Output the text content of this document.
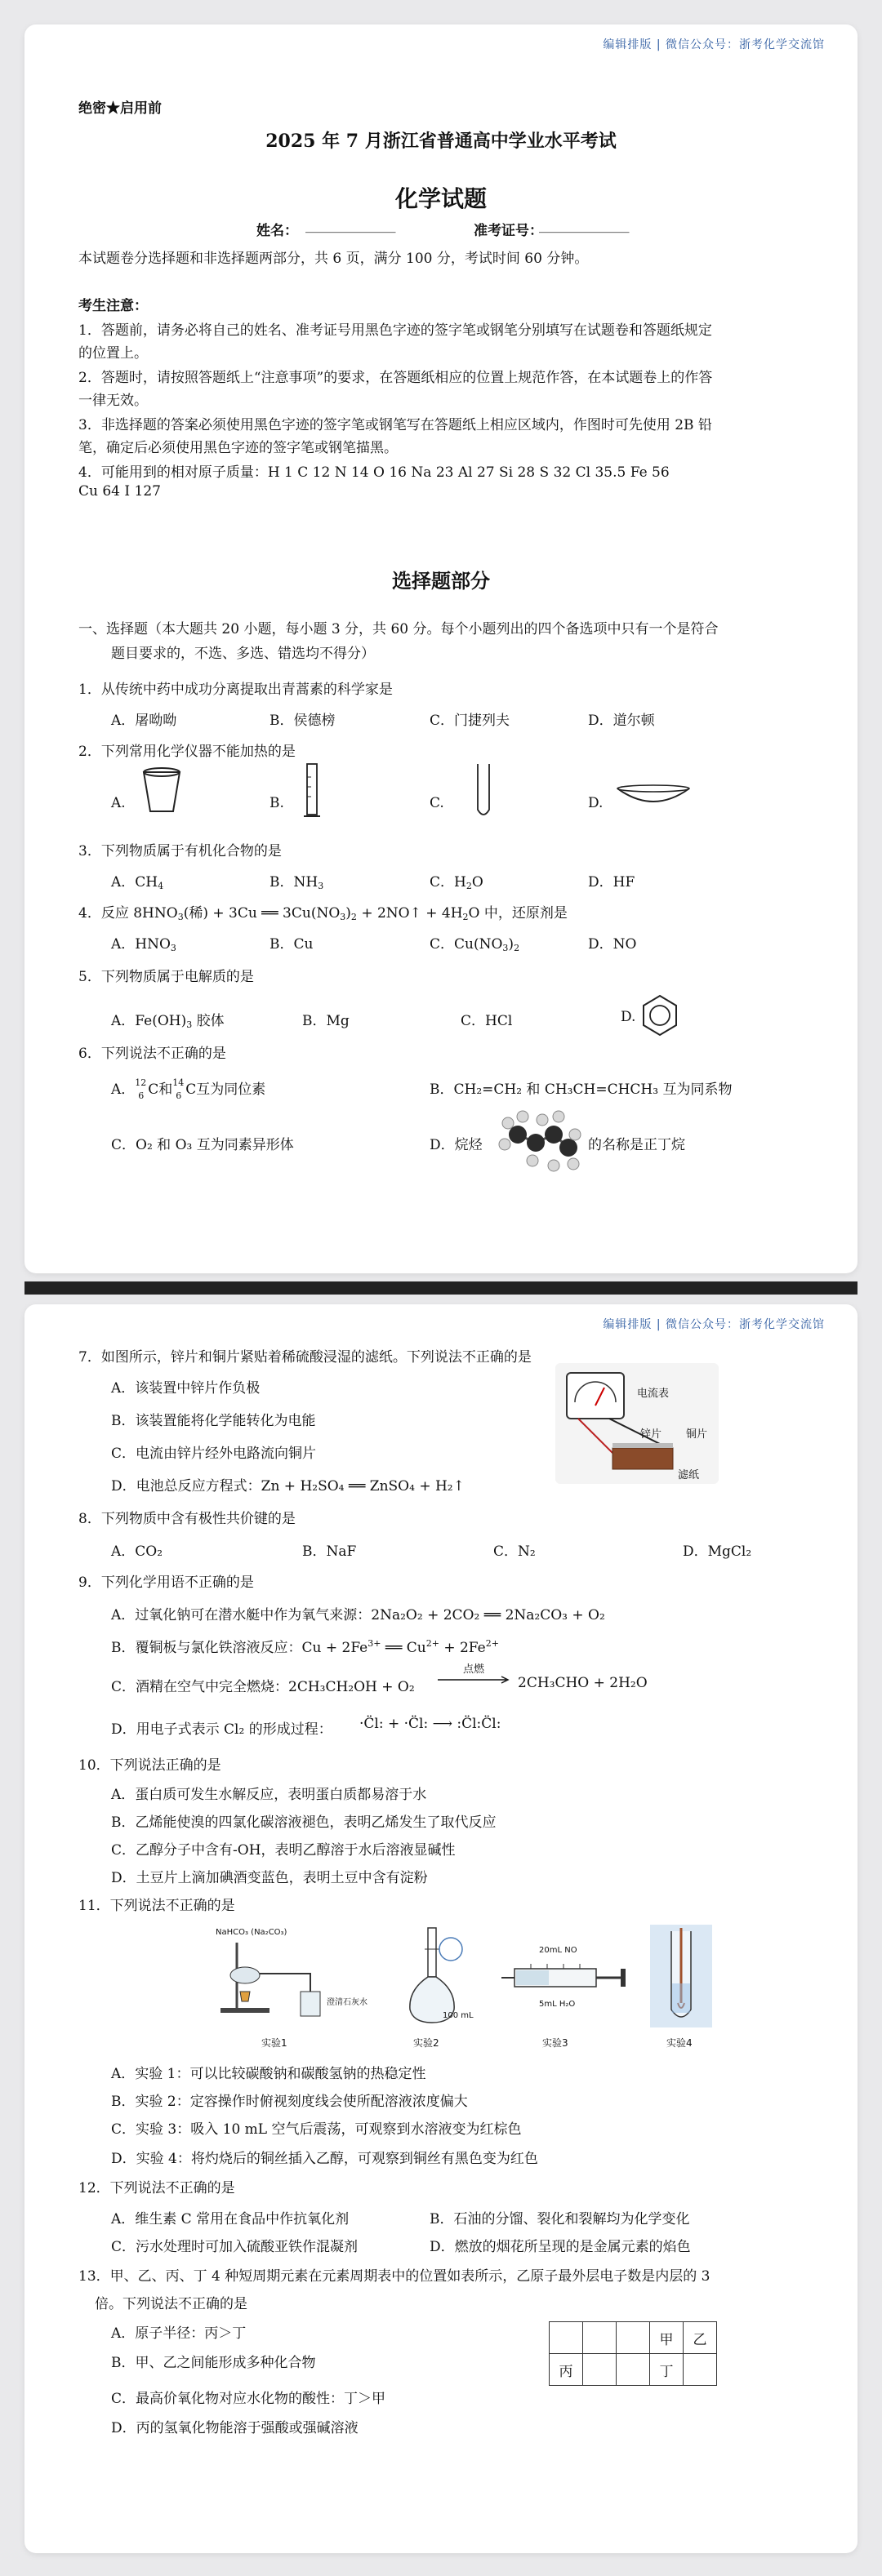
编辑排版 | 微信公众号：浙考化学交流馆
绝密★启用前
2025 年 7 月浙江省普通高中学业水平考试
化学试题
姓名： _____________	准考证号：
_____________
本试题卷分选择题和非选择题两部分，共 6 页，满分 100 分，考试时间 60 分钟。
考生注意：
1．答题前，请务必将自己的姓名、准考证号用黑色字迹的签字笔或钢笔分别填写在试题卷和答题纸规定
的位置上。
2．答题时，请按照答题纸上“注意事项”的要求，在答题纸相应的位置上规范作答，在本试题卷上的作答
一律无效。
3．非选择题的答案必须使用黑色字迹的签字笔或钢笔写在答题纸上相应区域内，作图时可先使用 2B 铅
笔，确定后必须使用黑色字迹的签字笔或钢笔描黑。
4．可能用到的相对原子质量：H 1 C 12 N 14 O 16 Na 23 Al 27 Si 28 S 32 Cl 35.5 Fe 56
Cu 64 I 127
选择题部分
一、选择题（本大题共 20 小题，每小题 3 分，共 60 分。每个小题列出的四个备选项中只有一个是符合
题目要求的，不选、多选、错选均不得分）
1．从传统中药中成功分离提取出青蒿素的科学家是
A．屠呦呦	B．侯德榜	C．门捷列夫	D．道尔顿
2．下列常用化学仪器不能加热的是
A.	B.	C.	D.
3．下列物质属于有机化合物的是
A．$CH_4$	B．$NH_3$	C．$H_2O$	D．HF
4．反应 $8HNO_3$(稀) + 3Cu ══ $3Cu(NO_3)_2$ + 2NO↑ + $4H_2O$ 中，还原剂是
A．$HNO_3$	B．Cu	C．$Cu(NO_3)_2$	D．NO
5．下列物质属于电解质的是
A．$Fe(OH)_3$ 胶体	B．Mg	C．HCl	D.
6．下列说法不正确的是
A． 12
6 C和 14
6 C互为同位素	B．CH₂=CH₂ 和 CH₃CH=CHCH₃ 互为同系物
C．O₂ 和 O₃ 互为同素异形体	D．烷烃	的名称是正丁烷
编辑排版 | 微信公众号：浙考化学交流馆
7．如图所示，锌片和铜片紧贴着稀硫酸浸湿的滤纸。下列说法不正确的是
A．该装置中锌片作负极
B．该装置能将化学能转化为电能
C．电流由锌片经外电路流向铜片
D．电池总反应方程式：Zn + H₂SO₄ ══ ZnSO₄ + H₂↑
电流表
铜片
锌片
滤纸
8．下列物质中含有极性共价键的是
A．CO₂	B．NaF	C．N₂	D．MgCl₂
9．下列化学用语不正确的是
A．过氧化钠可在潜水艇中作为氧气来源：2Na₂O₂ + 2CO₂ ══ 2Na₂CO₃ + O₂
B．覆铜板与氯化铁溶液反应：$Cu + 2Fe^{3+}$ ══ $Cu^{2+} + 2Fe^{2+}$
C．酒精在空气中完全燃烧：2CH₃CH₂OH + O₂
点燃
2CH₃CHO + 2H₂O
D．用电子式表示 Cl₂ 的形成过程： ·C̈l: + ·C̈l: ⟶ :C̈l:C̈l:
10．下列说法正确的是
A．蛋白质可发生水解反应，表明蛋白质都易溶于水
B．乙烯能使溴的四氯化碳溶液褪色，表明乙烯发生了取代反应
C．乙醇分子中含有-OH，表明乙醇溶于水后溶液显碱性
D．土豆片上滴加碘酒变蓝色，表明土豆中含有淀粉
11．下列说法不正确的是
NaHCO₃ (Na₂CO₃)
澄清石灰水
实验1
100 mL
实验2
20mL NO
5mL H₂O
实验3	实验4
A．实验 1：可以比较碳酸钠和碳酸氢钠的热稳定性
B．实验 2：定容操作时俯视刻度线会使所配溶液浓度偏大
C．实验 3：吸入 10 mL 空气后震荡，可观察到水溶液变为红棕色
D．实验 4：将灼烧后的铜丝插入乙醇，可观察到铜丝有黑色变为红色
12．下列说法不正确的是
A．维生素 C 常用在食品中作抗氧化剂	B．石油的分馏、裂化和裂解均为化学变化
C．污水处理时可加入硫酸亚铁作混凝剂	D．燃放的烟花所呈现的是金属元素的焰色
13．甲、乙、丙、丁 4 种短周期元素在元素周期表中的位置如表所示，乙原子最外层电子数是内层的 3
倍。下列说法不正确的是
A．原子半径：丙＞丁
B．甲、乙之间能形成多种化合物
C．最高价氧化物对应水化物的酸性：丁＞甲
D．丙的氢氧化物能溶于强酸或强碱溶液
			甲	乙
丙			丁	
